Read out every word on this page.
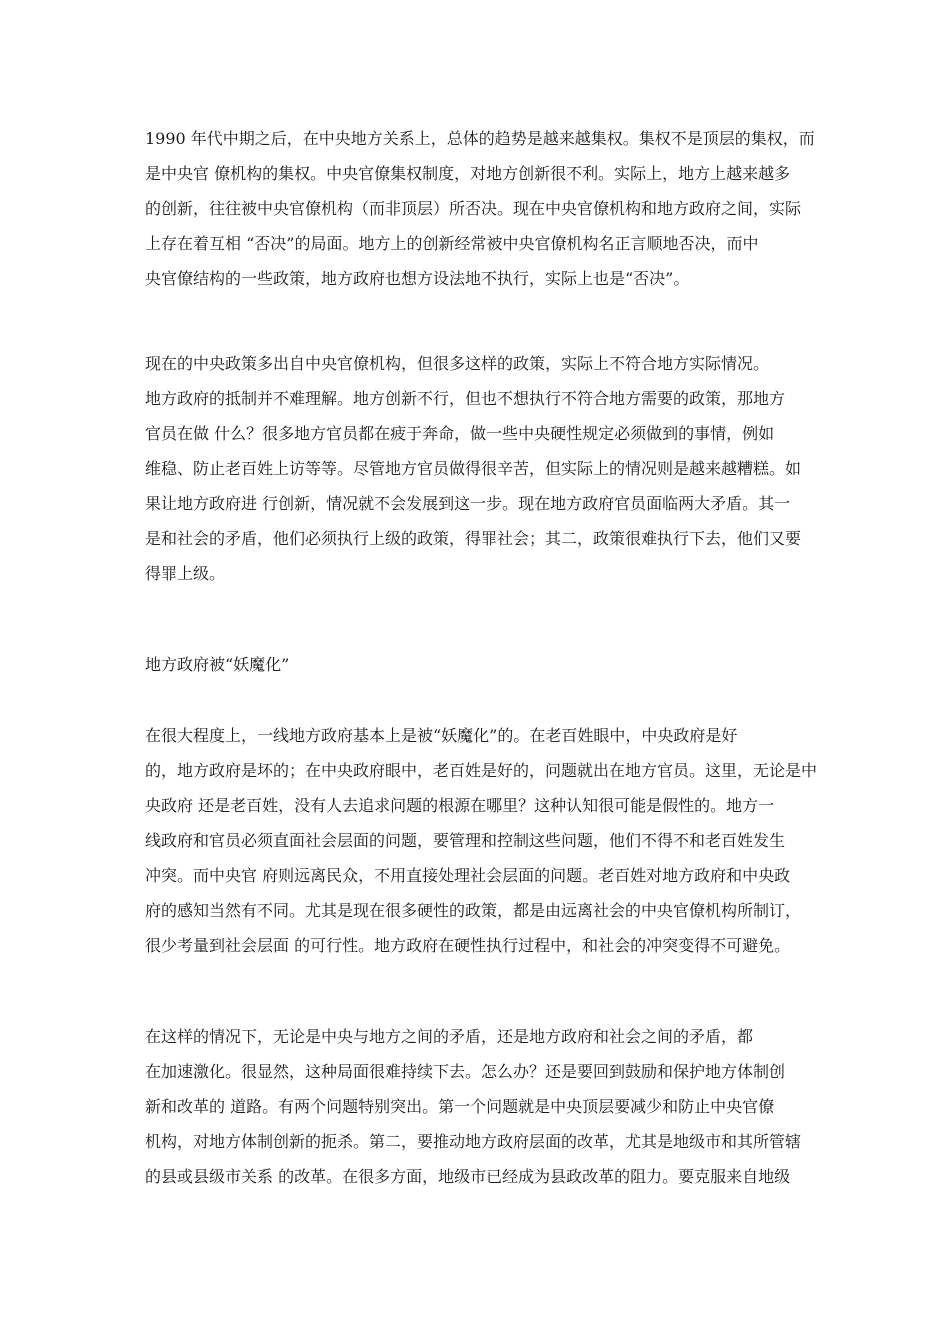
1990 年代中期之后，在中央地方关系上，总体的趋势是越来越集权。集权不是顶层的集权，而
是中央官 僚机构的集权。中央官僚集权制度，对地方创新很不利。实际上，地方上越来越多
的创新，往往被中央官僚机构（而非顶层）所否决。现在中央官僚机构和地方政府之间，实际
上存在着互相 “否决”的局面。地方上的创新经常被中央官僚机构名正言顺地否决，而中
央官僚结构的一些政策，地方政府也想方设法地不执行，实际上也是“否决”。
现在的中央政策多出自中央官僚机构，但很多这样的政策，实际上不符合地方实际情况。
地方政府的抵制并不难理解。地方创新不行，但也不想执行不符合地方需要的政策，那地方
官员在做 什么？很多地方官员都在疲于奔命，做一些中央硬性规定必须做到的事情，例如
维稳、防止老百姓上访等等。尽管地方官员做得很辛苦，但实际上的情况则是越来越糟糕。如
果让地方政府进 行创新，情况就不会发展到这一步。现在地方政府官员面临两大矛盾。其一
是和社会的矛盾，他们必须执行上级的政策，得罪社会；其二，政策很难执行下去，他们又要
得罪上级。
地方政府被“妖魔化”
在很大程度上，一线地方政府基本上是被“妖魔化”的。在老百姓眼中，中央政府是好
的，地方政府是坏的；在中央政府眼中，老百姓是好的，问题就出在地方官员。这里，无论是中
央政府 还是老百姓，没有人去追求问题的根源在哪里？这种认知很可能是假性的。地方一
线政府和官员必须直面社会层面的问题，要管理和控制这些问题，他们不得不和老百姓发生
冲突。而中央官 府则远离民众，不用直接处理社会层面的问题。老百姓对地方政府和中央政
府的感知当然有不同。尤其是现在很多硬性的政策，都是由远离社会的中央官僚机构所制订，
很少考量到社会层面 的可行性。地方政府在硬性执行过程中，和社会的冲突变得不可避免。
在这样的情况下，无论是中央与地方之间的矛盾，还是地方政府和社会之间的矛盾，都
在加速激化。很显然，这种局面很难持续下去。怎么办？还是要回到鼓励和保护地方体制创
新和改革的 道路。有两个问题特别突出。第一个问题就是中央顶层要减少和防止中央官僚
机构，对地方体制创新的扼杀。第二，要推动地方政府层面的改革，尤其是地级市和其所管辖
的县或县级市关系 的改革。在很多方面，地级市已经成为县政改革的阻力。要克服来自地级
